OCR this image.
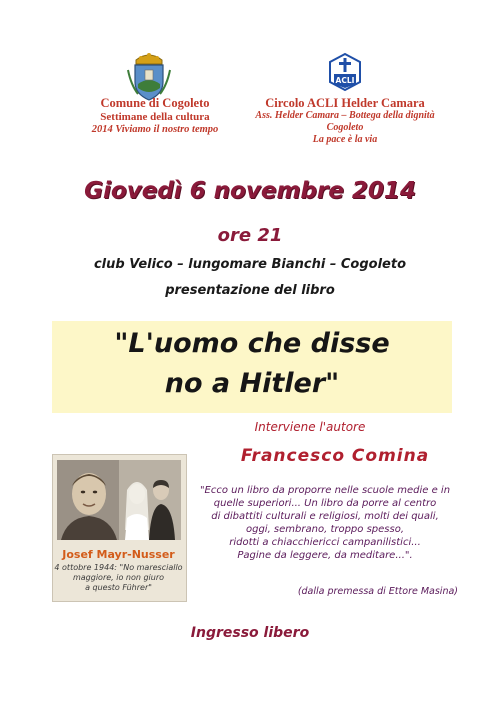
ACLI
Comune di Cogoleto
Settimane della cultura
2014 Viviamo il nostro tempo
Circolo ACLI Helder Camara
Ass. Helder Camara – Bottega della dignità
Cogoleto
La pace è la via
Giovedì 6 novembre 2014
ore 21
club Velico – lungomare Bianchi – Cogoleto
presentazione del libro
"L'uomo che disse
no a Hitler"
Interviene l'autore
Francesco Comina
Josef Mayr-Nusser
4 ottobre 1944: "No maresciallo
maggiore, io non giuro
a questo Führer"
"Ecco un libro da proporre nelle scuole medie e in
quelle superiori... Un libro da porre al centro
di dibattiti culturali e religiosi, molti dei quali,
oggi, sembrano, troppo spesso,
ridotti a chiacchiericci campanilistici...
Pagine da leggere, da meditare...".
(dalla premessa di Ettore Masina)
Ingresso libero
